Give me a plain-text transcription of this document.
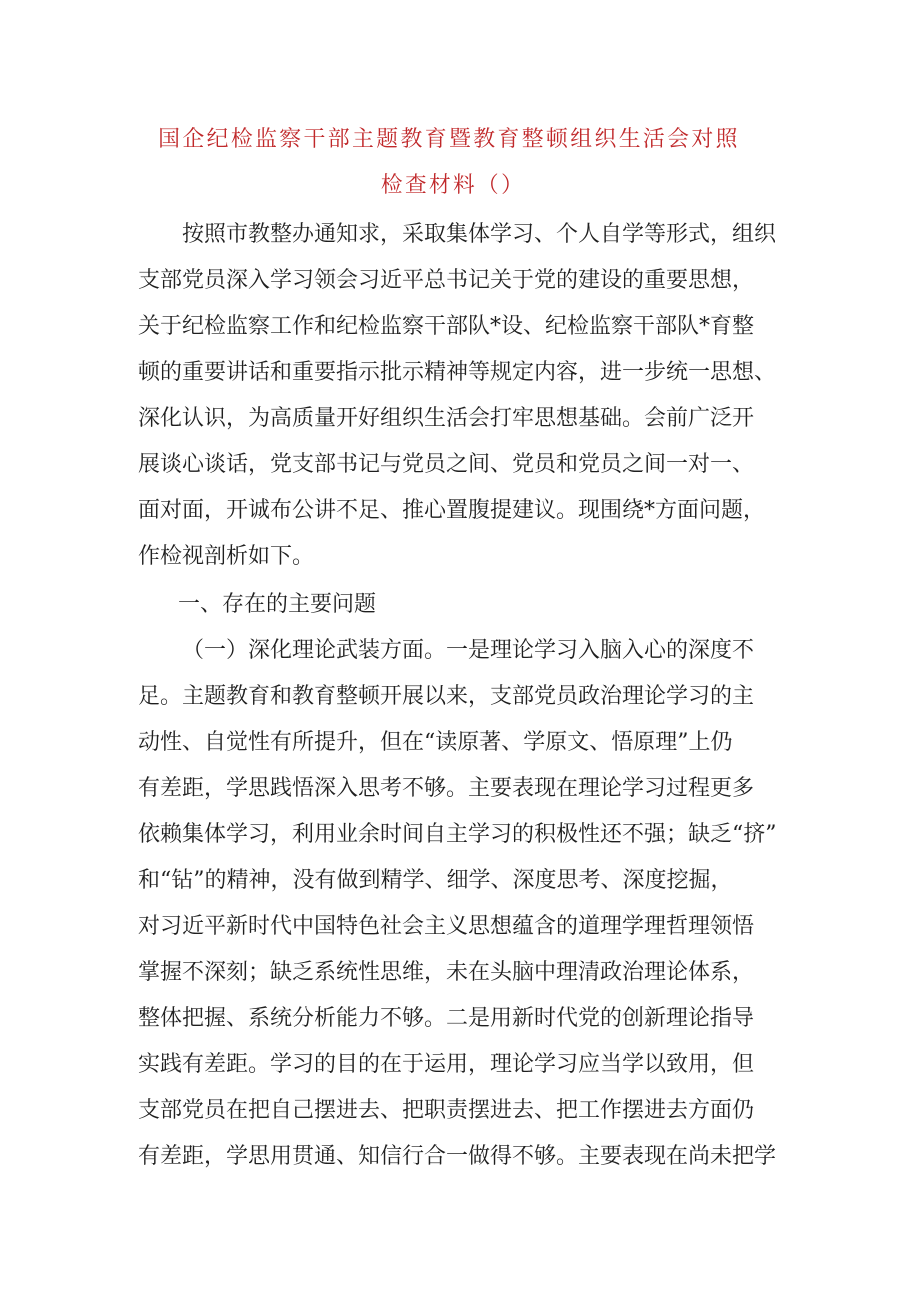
国企纪检监察干部主题教育暨教育整顿组织生活会对照
检查材料（）
按照市教整办通知求，采取集体学习、个人自学等形式，组织
支部党员深入学习领会习近平总书记关于党的建设的重要思想，
关于纪检监察工作和纪检监察干部队*设、纪检监察干部队*育整
顿的重要讲话和重要指示批示精神等规定内容，进一步统一思想、
深化认识，为高质量开好组织生活会打牢思想基础。会前广泛开
展谈心谈话，党支部书记与党员之间、党员和党员之间一对一、
面对面，开诚布公讲不足、推心置腹提建议。现围绕*方面问题，
作检视剖析如下。
一、存在的主要问题
（一）深化理论武装方面。一是理论学习入脑入心的深度不
足。主题教育和教育整顿开展以来，支部党员政治理论学习的主
动性、自觉性有所提升，但在“读原著、学原文、悟原理”上仍
有差距，学思践悟深入思考不够。主要表现在理论学习过程更多
依赖集体学习，利用业余时间自主学习的积极性还不强；缺乏“挤”
和“钻”的精神，没有做到精学、细学、深度思考、深度挖掘，
对习近平新时代中国特色社会主义思想蕴含的道理学理哲理领悟
掌握不深刻；缺乏系统性思维，未在头脑中理清政治理论体系，
整体把握、系统分析能力不够。二是用新时代党的创新理论指导
实践有差距。学习的目的在于运用，理论学习应当学以致用，但
支部党员在把自己摆进去、把职责摆进去、把工作摆进去方面仍
有差距，学思用贯通、知信行合一做得不够。主要表现在尚未把学
